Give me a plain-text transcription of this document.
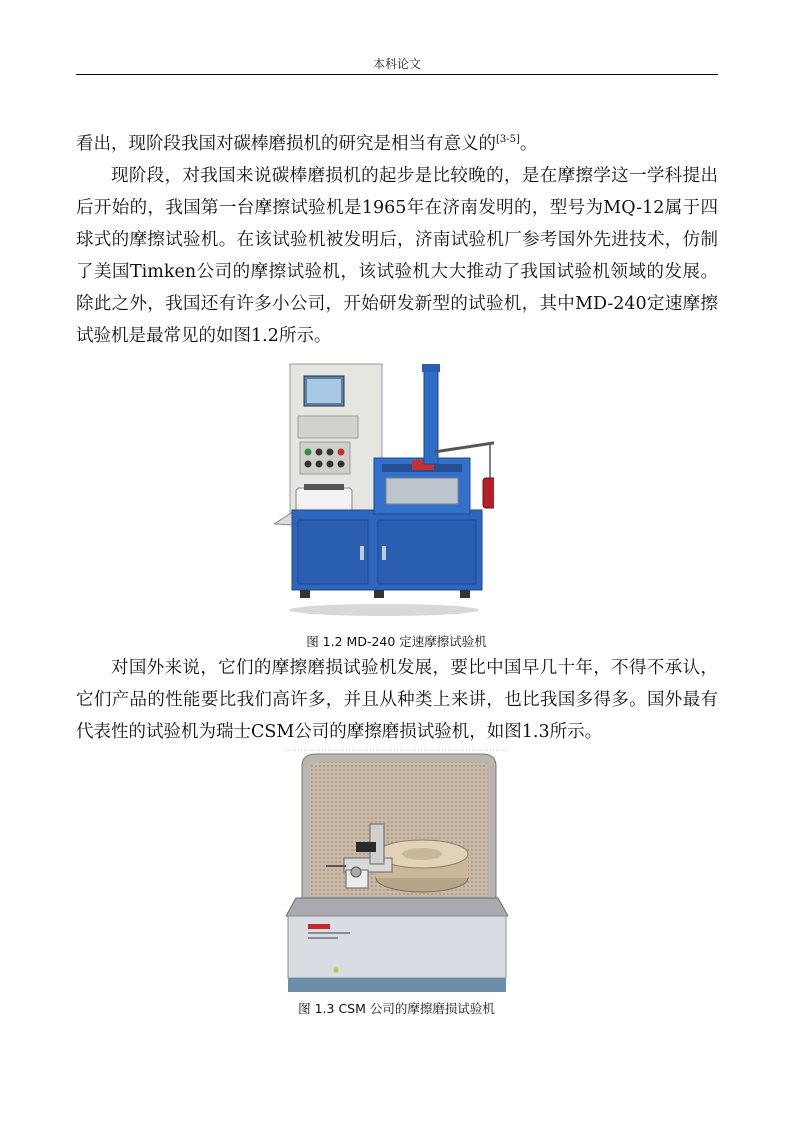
本科论文

看出，现阶段我国对碳棒磨损机的研究是相当有意义的[3-5]。

现阶段，对我国来说碳棒磨损机的起步是比较晚的，是在摩擦学这一学科提出后开始的，我国第一台摩擦试验机是1965年在济南发明的，型号为MQ-12属于四球式的摩擦试验机。在该试验机被发明后，济南试验机厂参考国外先进技术，仿制了美国Timken公司的摩擦试验机，该试验机大大推动了我国试验机领域的发展。除此之外，我国还有许多小公司，开始研发新型的试验机，其中MD-240定速摩擦试验机是最常见的如图1.2所示。

图 1.2 MD-240 定速摩擦试验机

对国外来说，它们的摩擦磨损试验机发展，要比中国早几十年，不得不承认，它们产品的性能要比我们高许多，并且从种类上来讲，也比我国多得多。国外最有代表性的试验机为瑞士CSM公司的摩擦磨损试验机，如图1.3所示。

图 1.3 CSM 公司的摩擦磨损试验机
